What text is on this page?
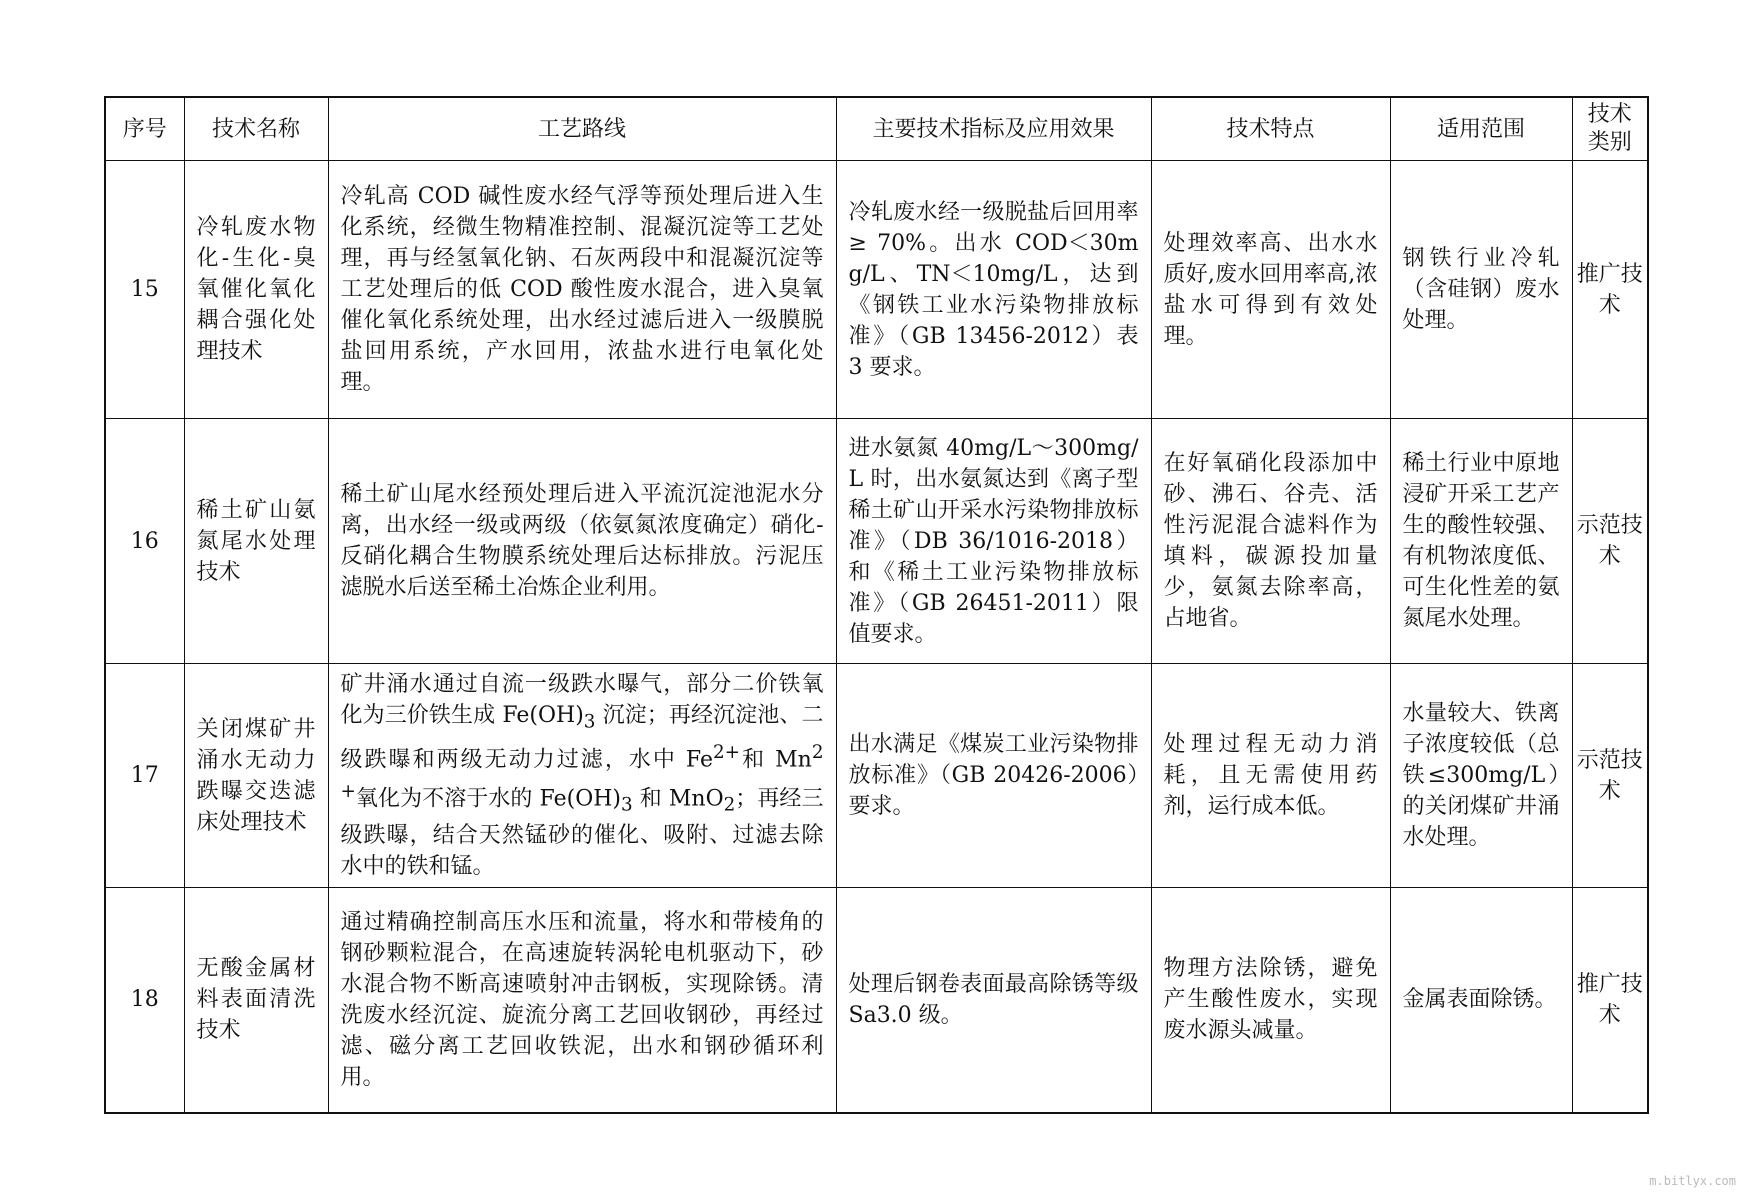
序号	技术名称	工艺路线	主要技术指标及应用效果	技术特点	适用范围	技术类别
15	冷轧废水物化-生化-臭氧催化氧化耦合强化处理技术	冷轧高 COD 碱性废水经气浮等预处理后进入生化系统，经微生物精准控制、混凝沉淀等工艺处理，再与经氢氧化钠、石灰两段中和混凝沉淀等工艺处理后的低 COD 酸性废水混合，进入臭氧催化氧化系统处理，出水经过滤后进入一级膜脱盐回用系统，产水回用，浓盐水进行电氧化处理。	冷轧废水经一级脱盐后回用率 ≥ 70%。出水 COD＜30mg/L、TN＜10mg/L，达到《钢铁工业水污染物排放标准》（GB 13456-2012）表 3 要求。	处理效率高、出水水质好,废水回用率高,浓盐水可得到有效处理。	钢铁行业冷轧（含硅钢）废水处理。	推广技术
16	稀土矿山氨氮尾水处理技术	稀土矿山尾水经预处理后进入平流沉淀池泥水分离，出水经一级或两级（依氨氮浓度确定）硝化-反硝化耦合生物膜系统处理后达标排放。污泥压滤脱水后送至稀土冶炼企业利用。	进水氨氮 40mg/L～300mg/L 时，出水氨氮达到《离子型稀土矿山开采水污染物排放标准》（DB 36/1016-2018）和《稀土工业污染物排放标准》（GB 26451-2011）限值要求。	在好氧硝化段添加中砂、沸石、谷壳、活性污泥混合滤料作为填料，碳源投加量少，氨氮去除率高，占地省。	稀土行业中原地浸矿开采工艺产生的酸性较强、有机物浓度低、可生化性差的氨氮尾水处理。	示范技术
17	关闭煤矿井涌水无动力跌曝交迭滤床处理技术	矿井涌水通过自流一级跌水曝气，部分二价铁氧化为三价铁生成 $Fe(OH)_3$ 沉淀；再经沉淀池、二级跌曝和两级无动力过滤，水中 $Fe^{2+}$和 $Mn^{2+}$氧化为不溶于水的 $Fe(OH)_3$ 和 MnO$_2$；再经三级跌曝，结合天然锰砂的催化、吸附、过滤去除水中的铁和锰。	出水满足《煤炭工业污染物排放标准》（GB 20426-2006）要求。	处理过程无动力消耗，且无需使用药剂，运行成本低。	水量较大、铁离子浓度较低（总铁≤300mg/L）的关闭煤矿井涌水处理。	示范技术
18	无酸金属材料表面清洗技术	通过精确控制高压水压和流量，将水和带棱角的钢砂颗粒混合，在高速旋转涡轮电机驱动下，砂水混合物不断高速喷射冲击钢板，实现除锈。清洗废水经沉淀、旋流分离工艺回收钢砂，再经过滤、磁分离工艺回收铁泥，出水和钢砂循环利用。	处理后钢卷表面最高除锈等级 Sa3.0 级。	物理方法除锈，避免产生酸性废水，实现废水源头减量。	金属表面除锈。	推广技术
m.bitlyx.com
